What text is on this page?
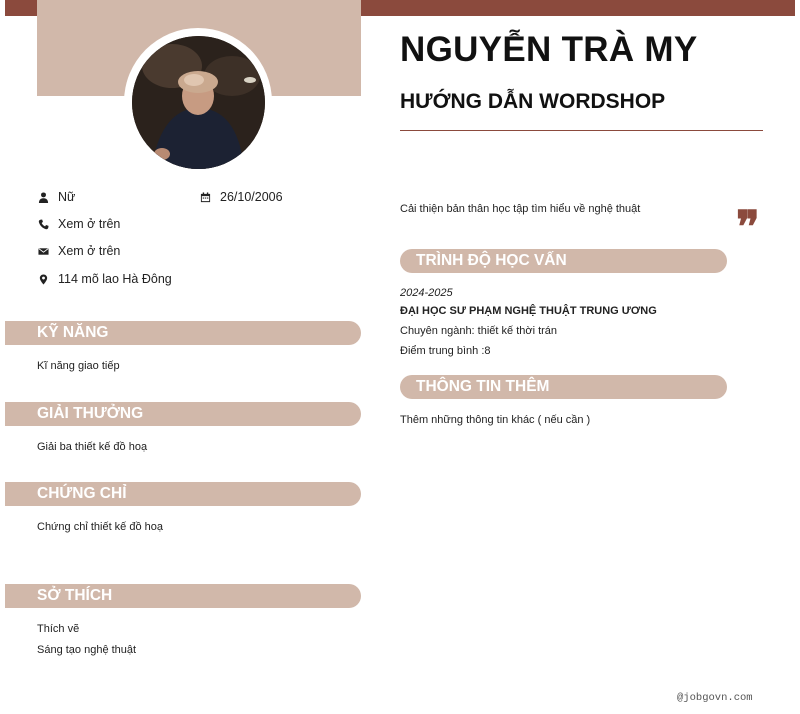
Nữ	26/10/2006
Xem ở trên
Xem ở trên
114 mõ lao Hà Đông
KỸ NĂNG
Kĩ năng giao tiếp
GIẢI THƯỞNG
Giải ba thiết kế đồ hoạ
CHỨNG CHỈ
Chứng chỉ thiết kế đồ hoạ
SỞ THÍCH
Thích vẽ
Sáng tạo nghệ thuật
NGUYỄN TRÀ MY
HƯỚNG DẪN WORDSHOP
Cải thiện bản thân học tập tìm hiểu về nghệ thuật ❞
TRÌNH ĐỘ HỌC VẤN
2024-2025
ĐẠI HỌC SƯ PHẠM NGHỆ THUẬT TRUNG ƯƠNG
Chuyên ngành: thiết kế thời trán
Điểm trung bình :8
THÔNG TIN THÊM
Thêm những thông tin khác ( nếu cần )
@jobgovn.com
